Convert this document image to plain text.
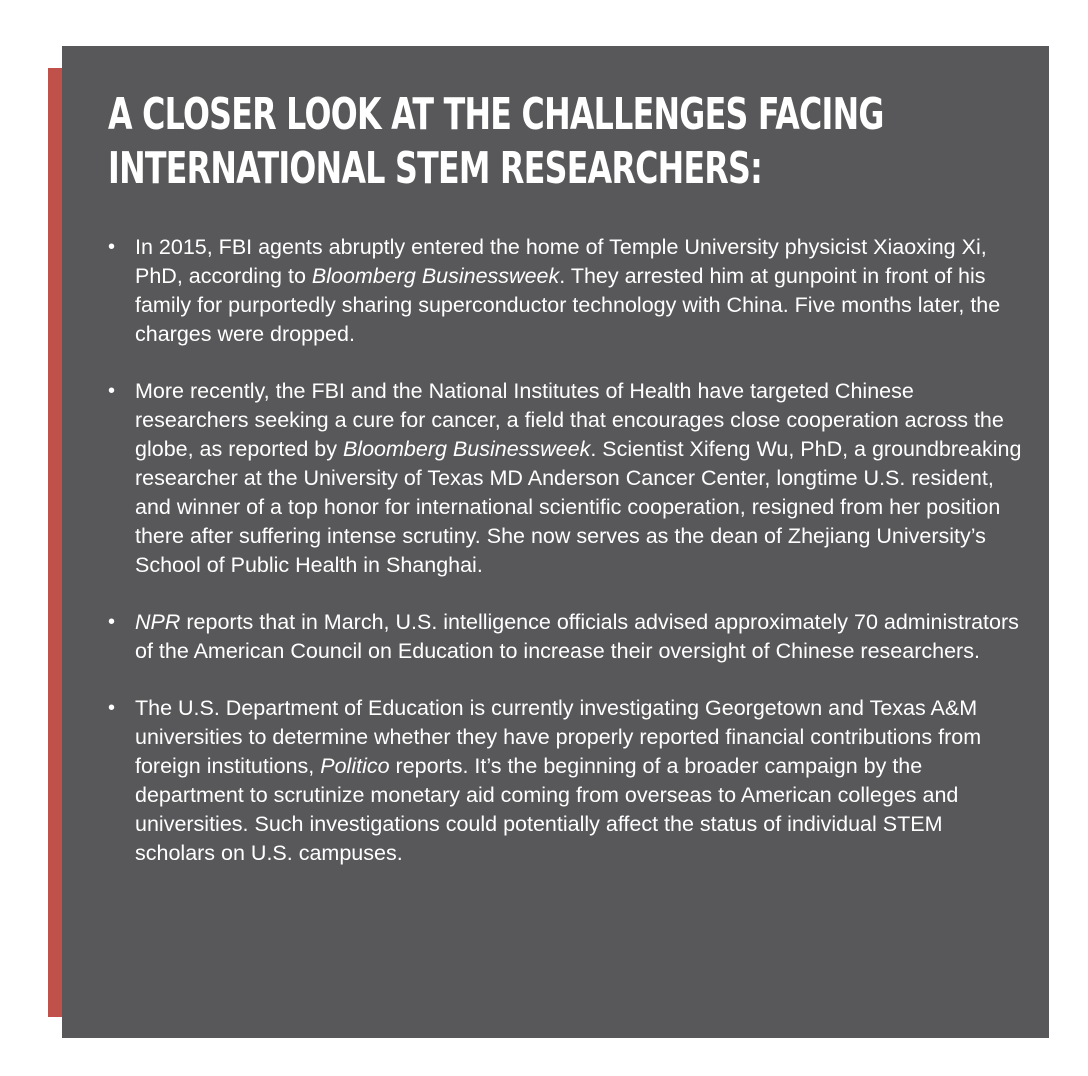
A CLOSER LOOK AT THE CHALLENGES FACING
INTERNATIONAL STEM RESEARCHERS:
• In 2015, FBI agents abruptly entered the home of Temple University physicist Xiaoxing Xi, PhD, according to Bloomberg Businessweek. They arrested him at gunpoint in front of his family for purportedly sharing superconductor technology with China. Five months later, the charges were dropped.
• More recently, the FBI and the National Institutes of Health have targeted Chinese researchers seeking a cure for cancer, a field that encourages close cooperation across the globe, as reported by Bloomberg Businessweek. Scientist Xifeng Wu, PhD, a groundbreaking researcher at the University of Texas MD Anderson Cancer Center, longtime U.S. resident, and winner of a top honor for international scientific cooperation, resigned from her position there after suffering intense scrutiny. She now serves as the dean of Zhejiang University’s School of Public Health in Shanghai.
• NPR reports that in March, U.S. intelligence officials advised approximately 70 administrators of the American Council on Education to increase their oversight of Chinese researchers.
• The U.S. Department of Education is currently investigating Georgetown and Texas A&M universities to determine whether they have properly reported financial contributions from foreign institutions, Politico reports. It’s the beginning of a broader campaign by the department to scrutinize monetary aid coming from overseas to American colleges and universities. Such investigations could potentially affect the status of individual STEM scholars on U.S. campuses.
